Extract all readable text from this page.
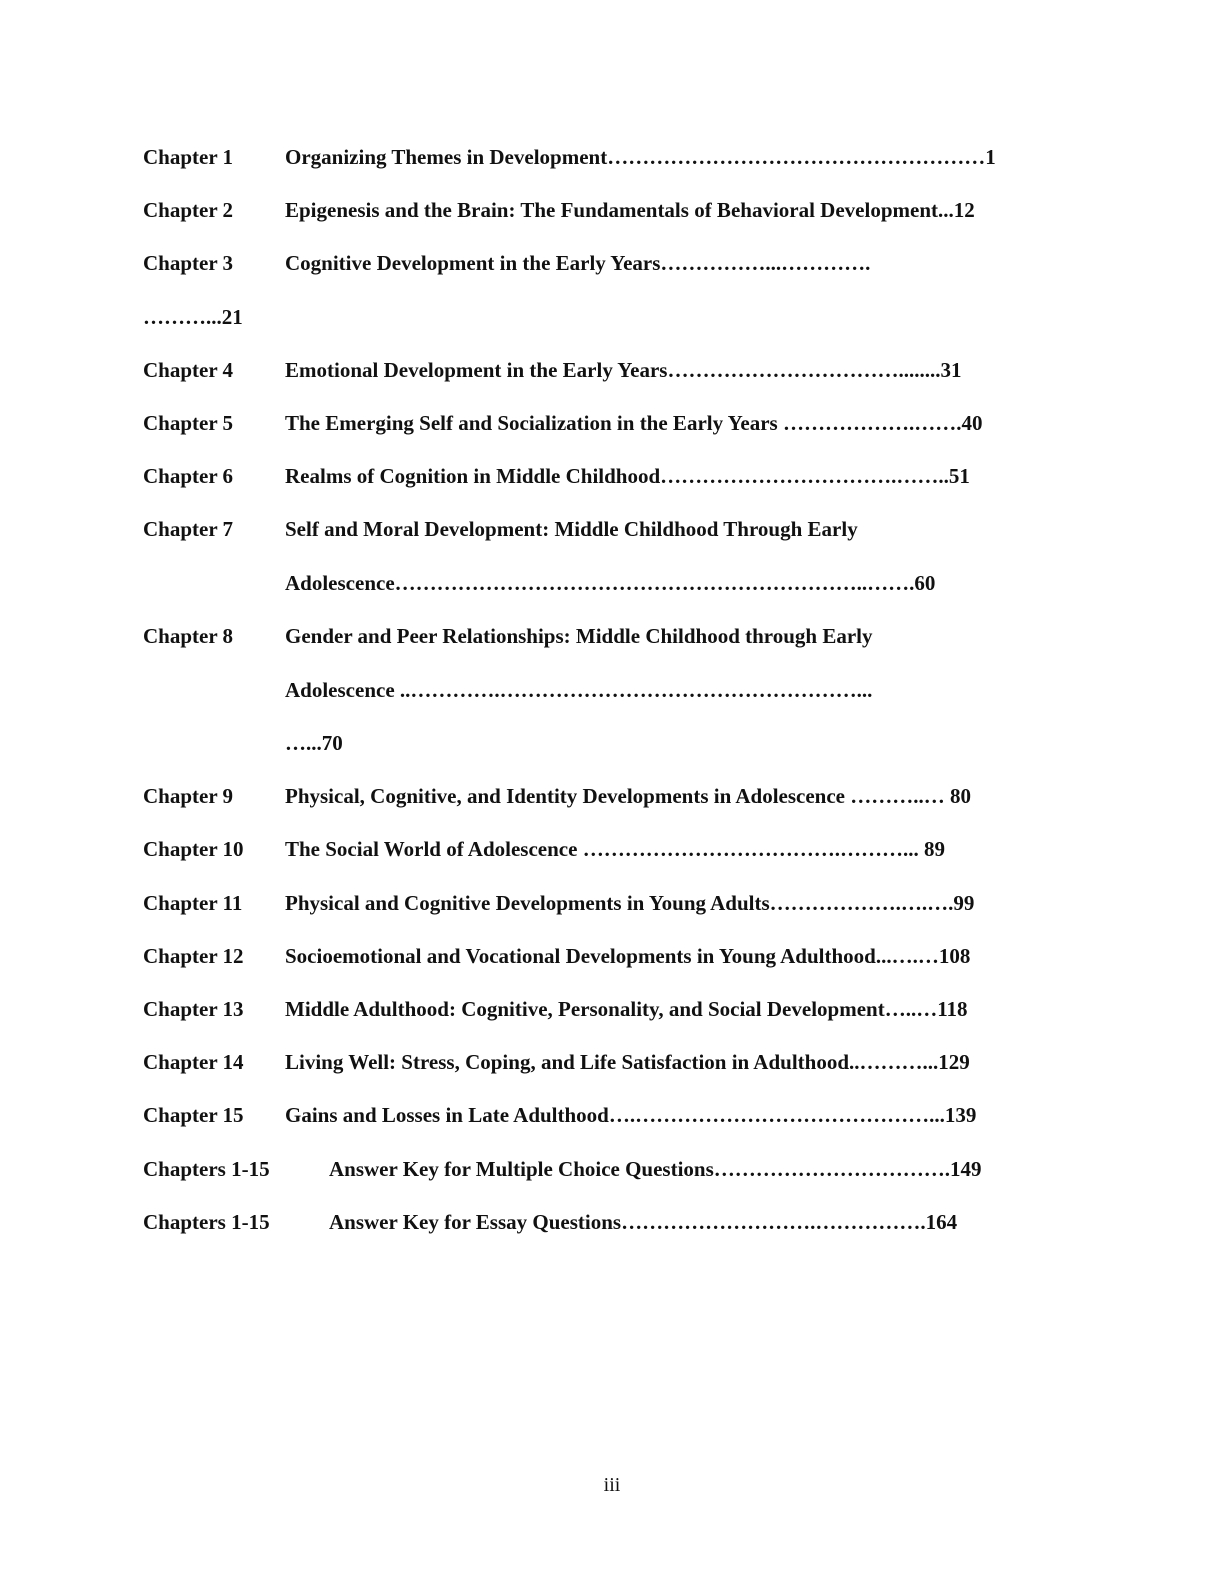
Chapter 1 Organizing Themes in Development………………………………………………1
Chapter 2 Epigenesis and the Brain: The Fundamentals of Behavioral Development...12
Chapter 3 Cognitive Development in the Early Years……………...………….
………...21
Chapter 4 Emotional Development in the Early Years……………………………........31
Chapter 5 The Emerging Self and Socialization in the Early Years ……………….…….40
Chapter 6 Realms of Cognition in Middle Childhood…………………………….……..51
Chapter 7 Self and Moral Development: Middle Childhood Through Early
Adolescence…………………………………………………………..…….60
Chapter 8 Gender and Peer Relationships: Middle Childhood through Early
Adolescence ..………….……………………………………………...
…...70
Chapter 9 Physical, Cognitive, and Identity Developments in Adolescence ………..… 80
Chapter 10 The Social World of Adolescence ……………………………….………... 89
Chapter 11 Physical and Cognitive Developments in Young Adults……………….….….99
Chapter 12 Socioemotional and Vocational Developments in Young Adulthood...….…108
Chapter 13 Middle Adulthood: Cognitive, Personality, and Social Development…..…118
Chapter 14 Living Well: Stress, Coping, and Life Satisfaction in Adulthood..………...129
Chapter 15 Gains and Losses in Late Adulthood….……………………………………...139
Chapters 1-15	Answer Key for Multiple Choice Questions…………………………….149
Chapters 1-15	Answer Key for Essay Questions……………………….…………….164
iii
